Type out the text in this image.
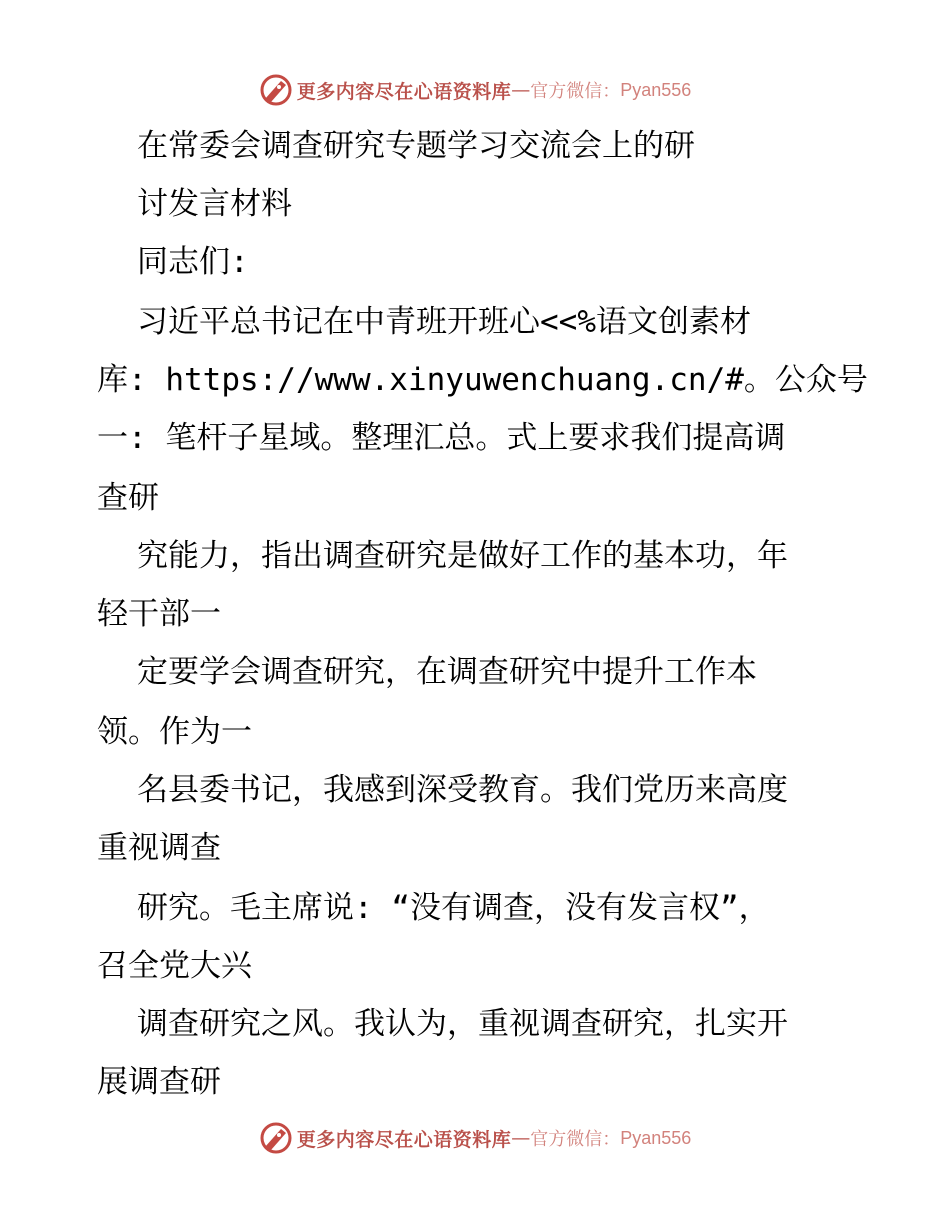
更多内容尽在心语资料库 — 官方微信： Pyan556
在常委会调查研究专题学习交流会上的研
讨发言材料
同志们:
习近平总书记在中青班开班心<<%语文创素材
库: https://www.xinyuwenchuang.cn/#。公众号
一: 笔杆子星域。整理汇总。式上要求我们提高调
查研
究能力，指出调查研究是做好工作的基本功，年
轻干部一
定要学会调查研究，在调查研究中提升工作本
领。作为一
名县委书记，我感到深受教育。我们党历来高度
重视调查
研究。毛主席说: “没有调查，没有发言权”，
召全党大兴
调查研究之风。我认为，重视调查研究，扎实开
展调查研
更多内容尽在心语资料库 — 官方微信： Pyan556
